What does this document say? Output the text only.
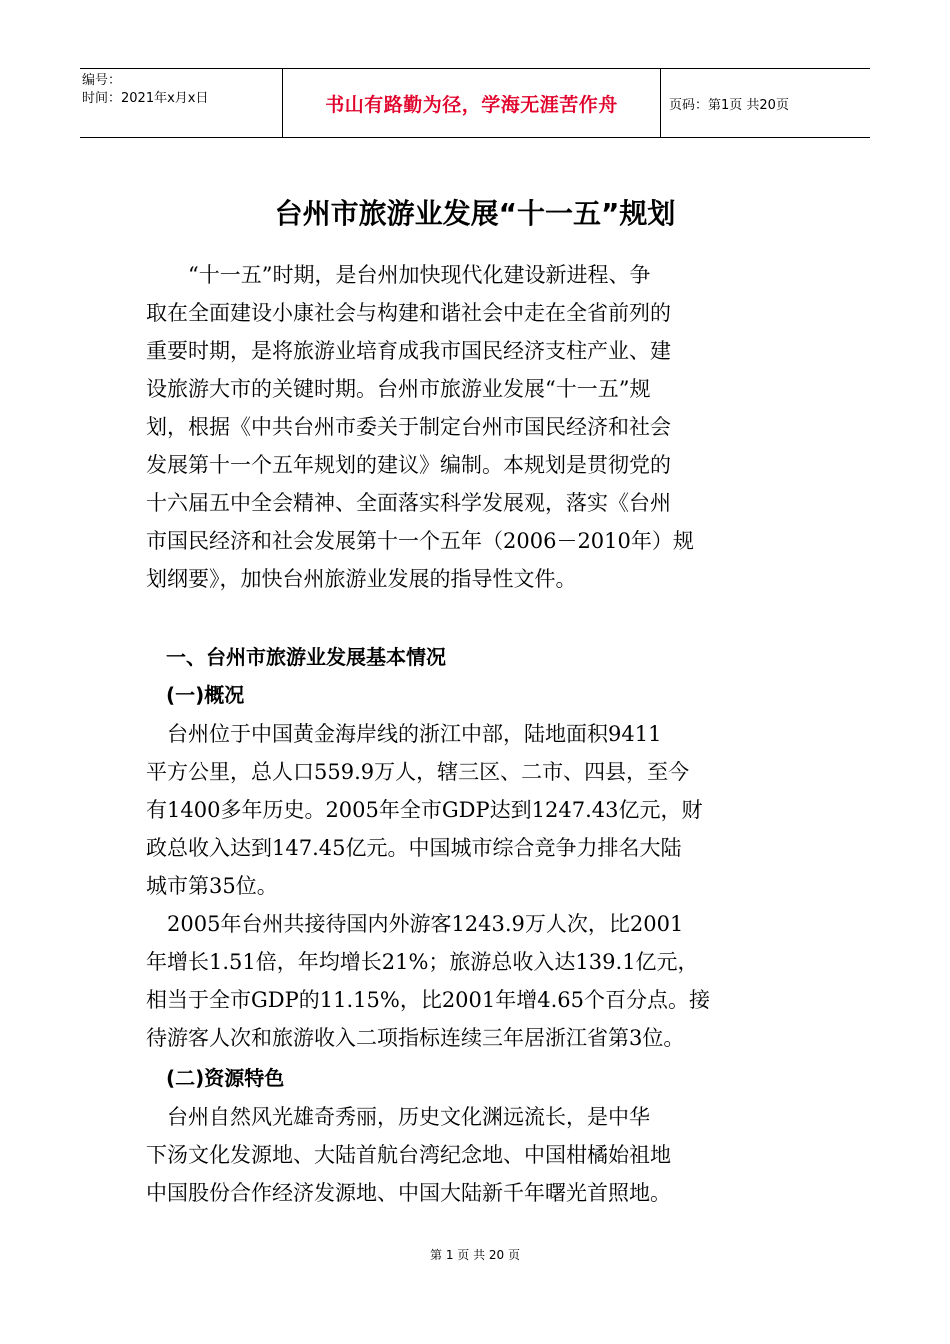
编号：
时间：2021年x月x日	书山有路勤为径，学海无涯苦作舟	页码：第1页 共20页
台州市旅游业发展“十一五”规划
　　“十一五”时期，是台州加快现代化建设新进程、争
取在全面建设小康社会与构建和谐社会中走在全省前列的
重要时期，是将旅游业培育成我市国民经济支柱产业、建
设旅游大市的关键时期。台州市旅游业发展“十一五”规
划，根据《中共台州市委关于制定台州市国民经济和社会
发展第十一个五年规划的建议》编制。本规划是贯彻党的
十六届五中全会精神、全面落实科学发展观，落实《台州
市国民经济和社会发展第十一个五年（2006－2010年）规
划纲要》，加快台州旅游业发展的指导性文件。
　一、台州市旅游业发展基本情况
　(一)概况
　台州位于中国黄金海岸线的浙江中部，陆地面积9411
平方公里，总人口559.9万人，辖三区、二市、四县，至今
有1400多年历史。2005年全市GDP达到1247.43亿元，财
政总收入达到147.45亿元。中国城市综合竞争力排名大陆
城市第35位。
　2005年台州共接待国内外游客1243.9万人次，比2001
年增长1.51倍，年均增长21%；旅游总收入达139.1亿元，
相当于全市GDP的11.15%，比2001年增4.65个百分点。接
待游客人次和旅游收入二项指标连续三年居浙江省第3位。
　(二)资源特色
　台州自然风光雄奇秀丽，历史文化渊远流长，是中华
下汤文化发源地、大陆首航台湾纪念地、中国柑橘始祖地
中国股份合作经济发源地、中国大陆新千年曙光首照地。
第 1 页 共 20 页
